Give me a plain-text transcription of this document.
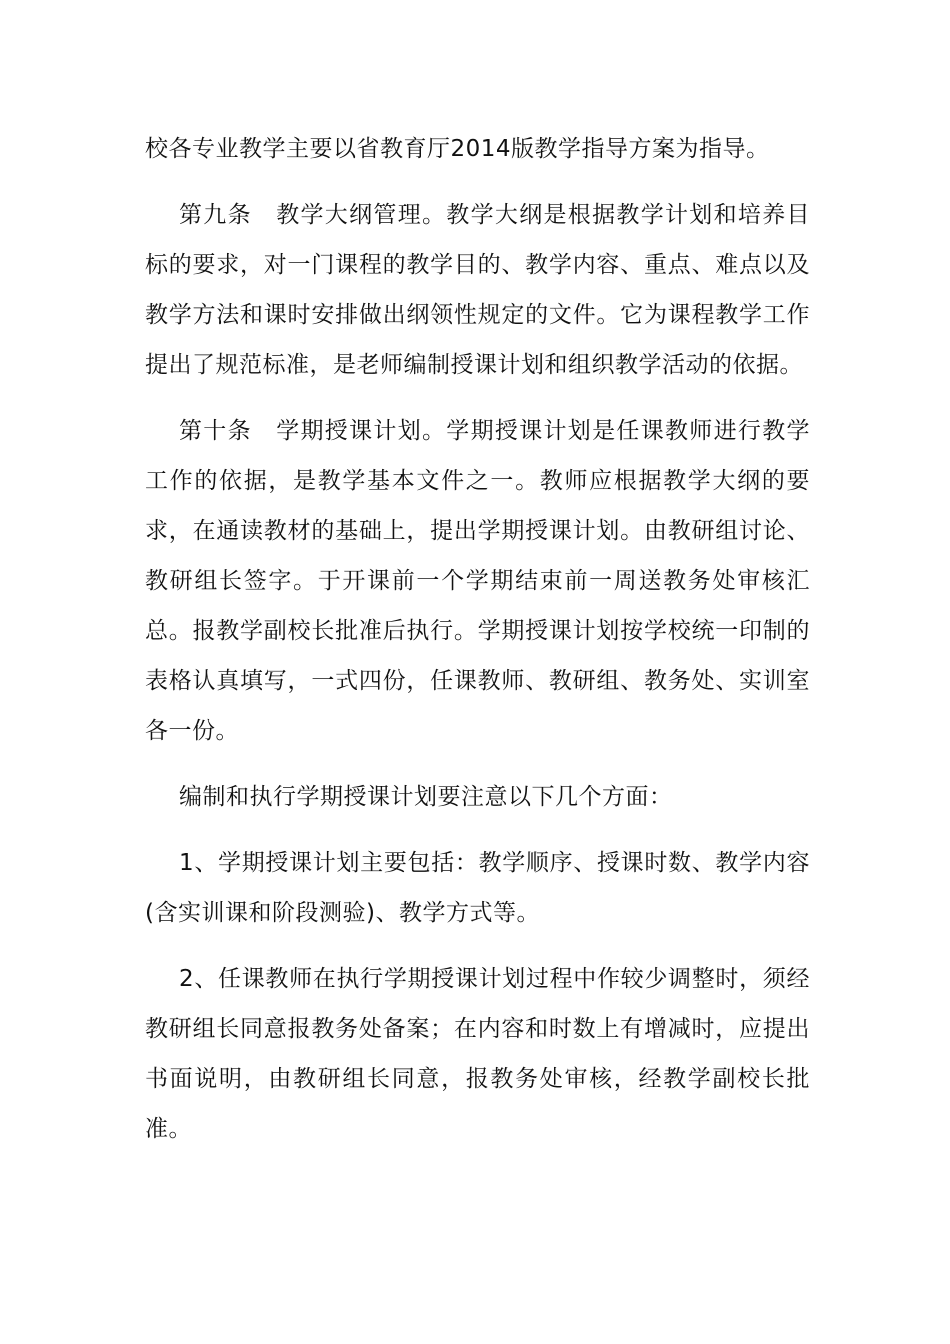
校各专业教学主要以省教育厅2014版教学指导方案为指导。

第九条　教学大纲管理。教学大纲是根据教学计划和培养目标的要求，对一门课程的教学目的、教学内容、重点、难点以及教学方法和课时安排做出纲领性规定的文件。它为课程教学工作提出了规范标准，是老师编制授课计划和组织教学活动的依据。

第十条　学期授课计划。学期授课计划是任课教师进行教学工作的依据，是教学基本文件之一。教师应根据教学大纲的要求，在通读教材的基础上，提出学期授课计划。由教研组讨论、教研组长签字。于开课前一个学期结束前一周送教务处审核汇总。报教学副校长批准后执行。学期授课计划按学校统一印制的表格认真填写，一式四份，任课教师、教研组、教务处、实训室各一份。

编制和执行学期授课计划要注意以下几个方面：

1、学期授课计划主要包括：教学顺序、授课时数、教学内容(含实训课和阶段测验)、教学方式等。

2、任课教师在执行学期授课计划过程中作较少调整时，须经教研组长同意报教务处备案；在内容和时数上有增减时，应提出书面说明，由教研组长同意，报教务处审核，经教学副校长批准。
